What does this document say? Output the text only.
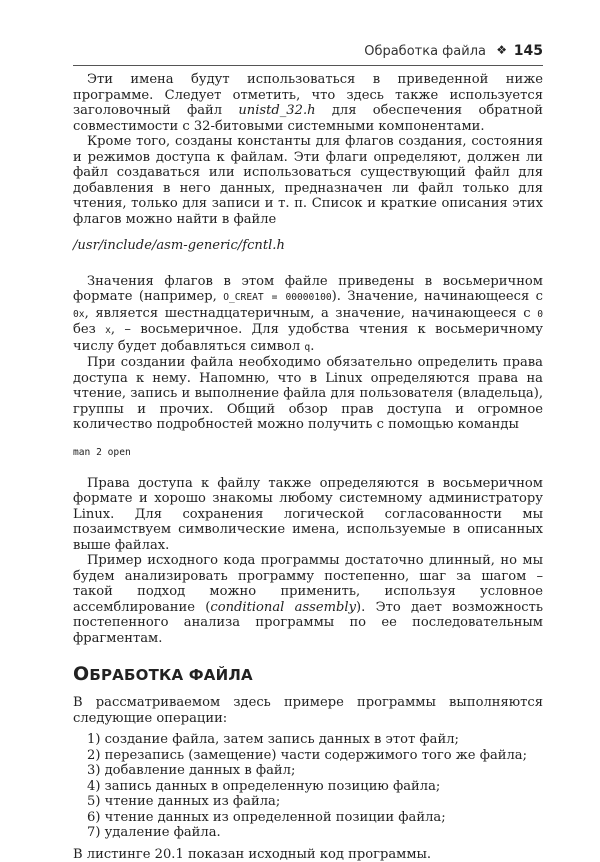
Обработка файла ❖ 145

Эти имена будут использоваться в приведенной ниже программе. Следует отметить, что здесь также используется заголовочный файл unistd_32.h для обеспечения обратной совместимости с 32-битовыми системными компонентами.

Кроме того, созданы константы для флагов создания, состояния и режимов доступа к файлам. Эти флаги определяют, должен ли файл создаваться или использоваться существующий файл для добавления в него данных, предназначен ли файл только для чтения, только для записи и т. п. Список и краткие описания этих флагов можно найти в файле

/usr/include/asm-generic/fcntl.h

Значения флагов в этом файле приведены в восьмеричном формате (например, O_CREAT = 00000100). Значение, начинающееся с 0x, является шестнадцатеричным, а значение, начинающееся с 0 без x, – восьмеричное. Для удобства чтения к восьмеричному числу будет добавляться символ q.

При создании файла необходимо обязательно определить права доступа к нему. Напомню, что в Linux определяются права на чтение, запись и выполнение файла для пользователя (владельца), группы и прочих. Общий обзор прав доступа и огромное количество подробностей можно получить с помощью команды

man 2 open

Права доступа к файлу также определяются в восьмеричном формате и хорошо знакомы любому системному администратору Linux. Для сохранения логической согласованности мы позаимствуем символические имена, используемые в описанных выше файлах.

Пример исходного кода программы достаточно длинный, но мы будем анализировать программу постепенно, шаг за шагом – такой подход можно применить, используя условное ассемблирование (conditional assembly). Это дает возможность постепенного анализа программы по ее последовательным фрагментам.

ОБРАБОТКА ФАЙЛА

В рассматриваемом здесь примере программы выполняются следующие операции:

1) создание файла, затем запись данных в этот файл;
2) перезапись (замещение) части содержимого того же файла;
3) добавление данных в файл;
4) запись данных в определенную позицию файла;
5) чтение данных из файла;
6) чтение данных из определенной позиции файла;
7) удаление файла.

В листинге 20.1 показан исходный код программы.
